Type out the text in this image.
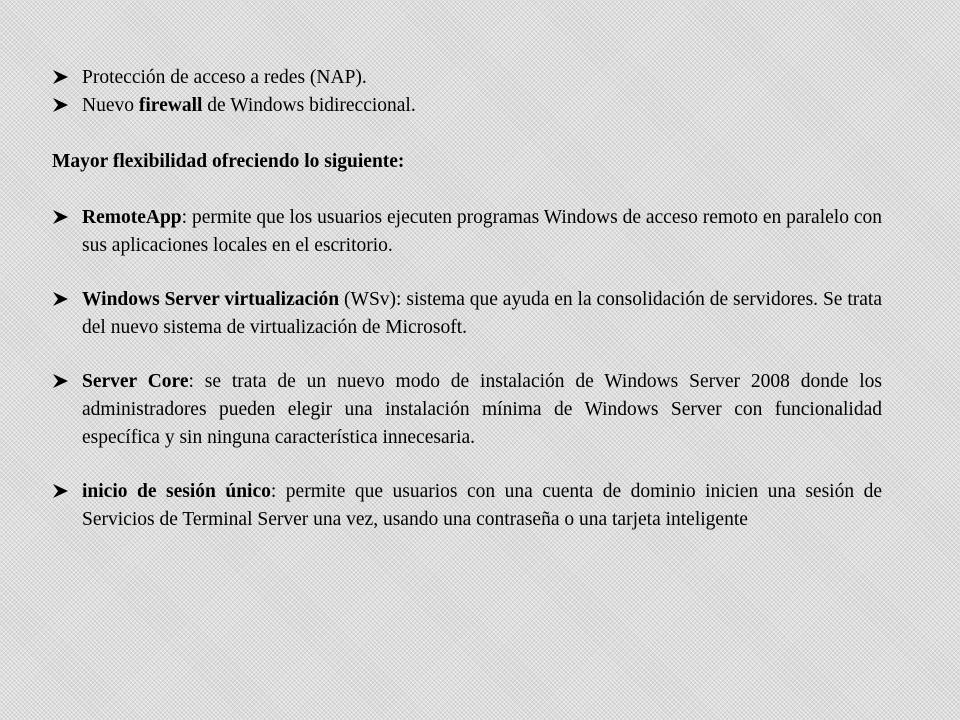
Protección de acceso a redes (NAP).

Nuevo firewall de Windows bidireccional.

Mayor flexibilidad ofreciendo lo siguiente:

RemoteApp: permite que los usuarios ejecuten programas Windows de acceso remoto en paralelo con sus aplicaciones locales en el escritorio.

Windows Server virtualización (WSv): sistema que ayuda en la consolidación de servidores. Se trata del nuevo sistema de virtualización de Microsoft.

Server Core: se trata de un nuevo modo de instalación de Windows Server 2008 donde los administradores pueden elegir una instalación mínima de Windows Server con funcionalidad específica y sin ninguna característica innecesaria.

inicio de sesión único: permite que usuarios con una cuenta de dominio inicien una sesión de Servicios de Terminal Server una vez, usando una contraseña o una tarjeta inteligente
